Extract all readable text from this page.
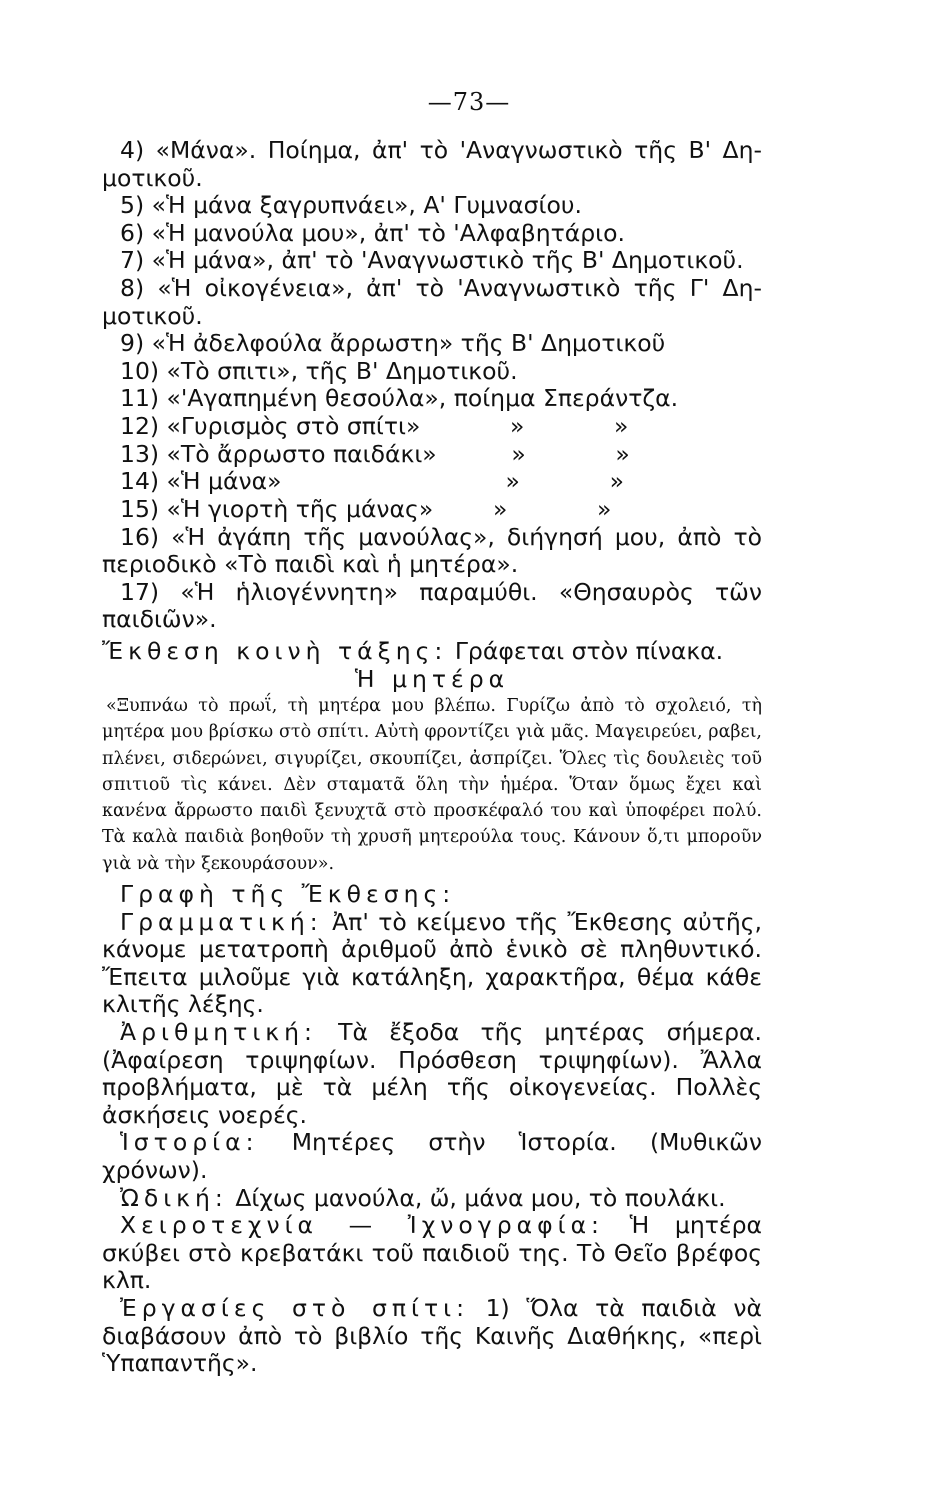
—73—

4) «Μάνα». Ποίημα, ἀπ' τὸ 'Αναγνωστικὸ τῆς Β' Δη-μοτικοῦ.

5) «Ἡ μάνα ξαγρυπνάει», Α' Γυμνασίου.

6) «Ἡ μανούλα μου», ἀπ' τὸ 'Αλφαβητάριο.

7) «Ἡ μάνα», ἀπ' τὸ 'Αναγνωστικὸ τῆς Β' Δημοτικοῦ.

8) «Ἡ οἰκογένεια», ἀπ' τὸ 'Αναγνωστικὸ τῆς Γ' Δη-μοτικοῦ.

9) «Ἡ ἀδελφούλα ἄρρωστη» τῆς Β' Δημοτικοῦ

10) «Τὸ σπιτι», τῆς Β' Δημοτικοῦ.

11) «'Αγαπημένη θεσούλα», ποίημα Σπεράντζα.

12) «Γυρισμὸς στὸ σπίτι»            »            »

13) «Τὸ ἄρρωστο παιδάκι»          »            »

14) «Ἡ μάνα»                              »            »

15) «Ἡ γιορτὴ τῆς μάνας»        »            »

16) «Ἡ ἀγάπη τῆς μανούλας», διήγησή μου, ἀπὸ τὸ περιοδικὸ «Τὸ παιδὶ καὶ ἡ μητέρα».

17) «Ἡ ἡλιογέννητη» παραμύθι. «Θησαυρὸς τῶν παιδιῶν».

Ἔκθεση κοινὴ τάξης: Γράφεται στὸν πίνακα.

Ἡ μητέρα

«Ξυπνάω τὸ πρωΐ, τὴ μητέρα μου βλέπω. Γυρίζω ἀπὸ τὸ σχολειό, τὴ μητέρα μου βρίσκω στὸ σπίτι. Αὐτὴ φροντίζει γιὰ μᾶς. Μαγειρεύει, ραβει, πλένει, σιδερώνει, σιγυρίζει, σκουπίζει, ἀσπρίζει. Ὅλες τὶς δουλειὲς τοῦ σπιτιοῦ τὶς κάνει. Δὲν σταματᾶ ὅλη τὴν ἡμέρα. Ὅταν ὅμως ἔχει καὶ κανένα ἄρρωστο παιδὶ ξενυχτᾶ στὸ προσκέφαλό του καὶ ὑποφέρει πολύ. Τὰ καλὰ παιδιὰ βοηθοῦν τὴ χρυσῆ μητερούλα τους. Κάνουν ὅ,τι μποροῦν γιὰ νὰ τὴν ξεκουράσουν».

Γραφὴ τῆς Ἔκθεσης:

Γραμματική: Ἀπ' τὸ κείμενο τῆς Ἔκθεσης αὐτῆς, κάνομε μετατροπὴ ἀριθμοῦ ἀπὸ ἑνικὸ σὲ πληθυντικό. Ἔπειτα μιλοῦμε γιὰ κατάληξη, χαρακτῆρα, θέμα κάθε κλιτῆς λέξης.

Ἀριθμητική: Τὰ ἔξοδα τῆς μητέρας σήμερα. (Ἀφαίρεση τριψηφίων. Πρόσθεση τριψηφίων). Ἄλλα προβλήματα, μὲ τὰ μέλη τῆς οἰκογενείας. Πολλὲς ἀσκήσεις νοερές.

Ἱστορία: Μητέρες στὴν Ἱστορία. (Μυθικῶν χρόνων).

Ὠδική: Δίχως μανούλα, ὤ, μάνα μου, τὸ πουλάκι.

Χειροτεχνία — Ἰχνογραφία: Ἡ μητέρα σκύβει στὸ κρεβατάκι τοῦ παιδιοῦ της. Τὸ Θεῖο βρέφος κλπ.

Ἐργασίες στὸ σπίτι: 1) Ὅλα τὰ παιδιὰ νὰ διαβάσουν ἀπὸ τὸ βιβλίο τῆς Καινῆς Διαθήκης, «περὶ Ὑπαπαντῆς».
